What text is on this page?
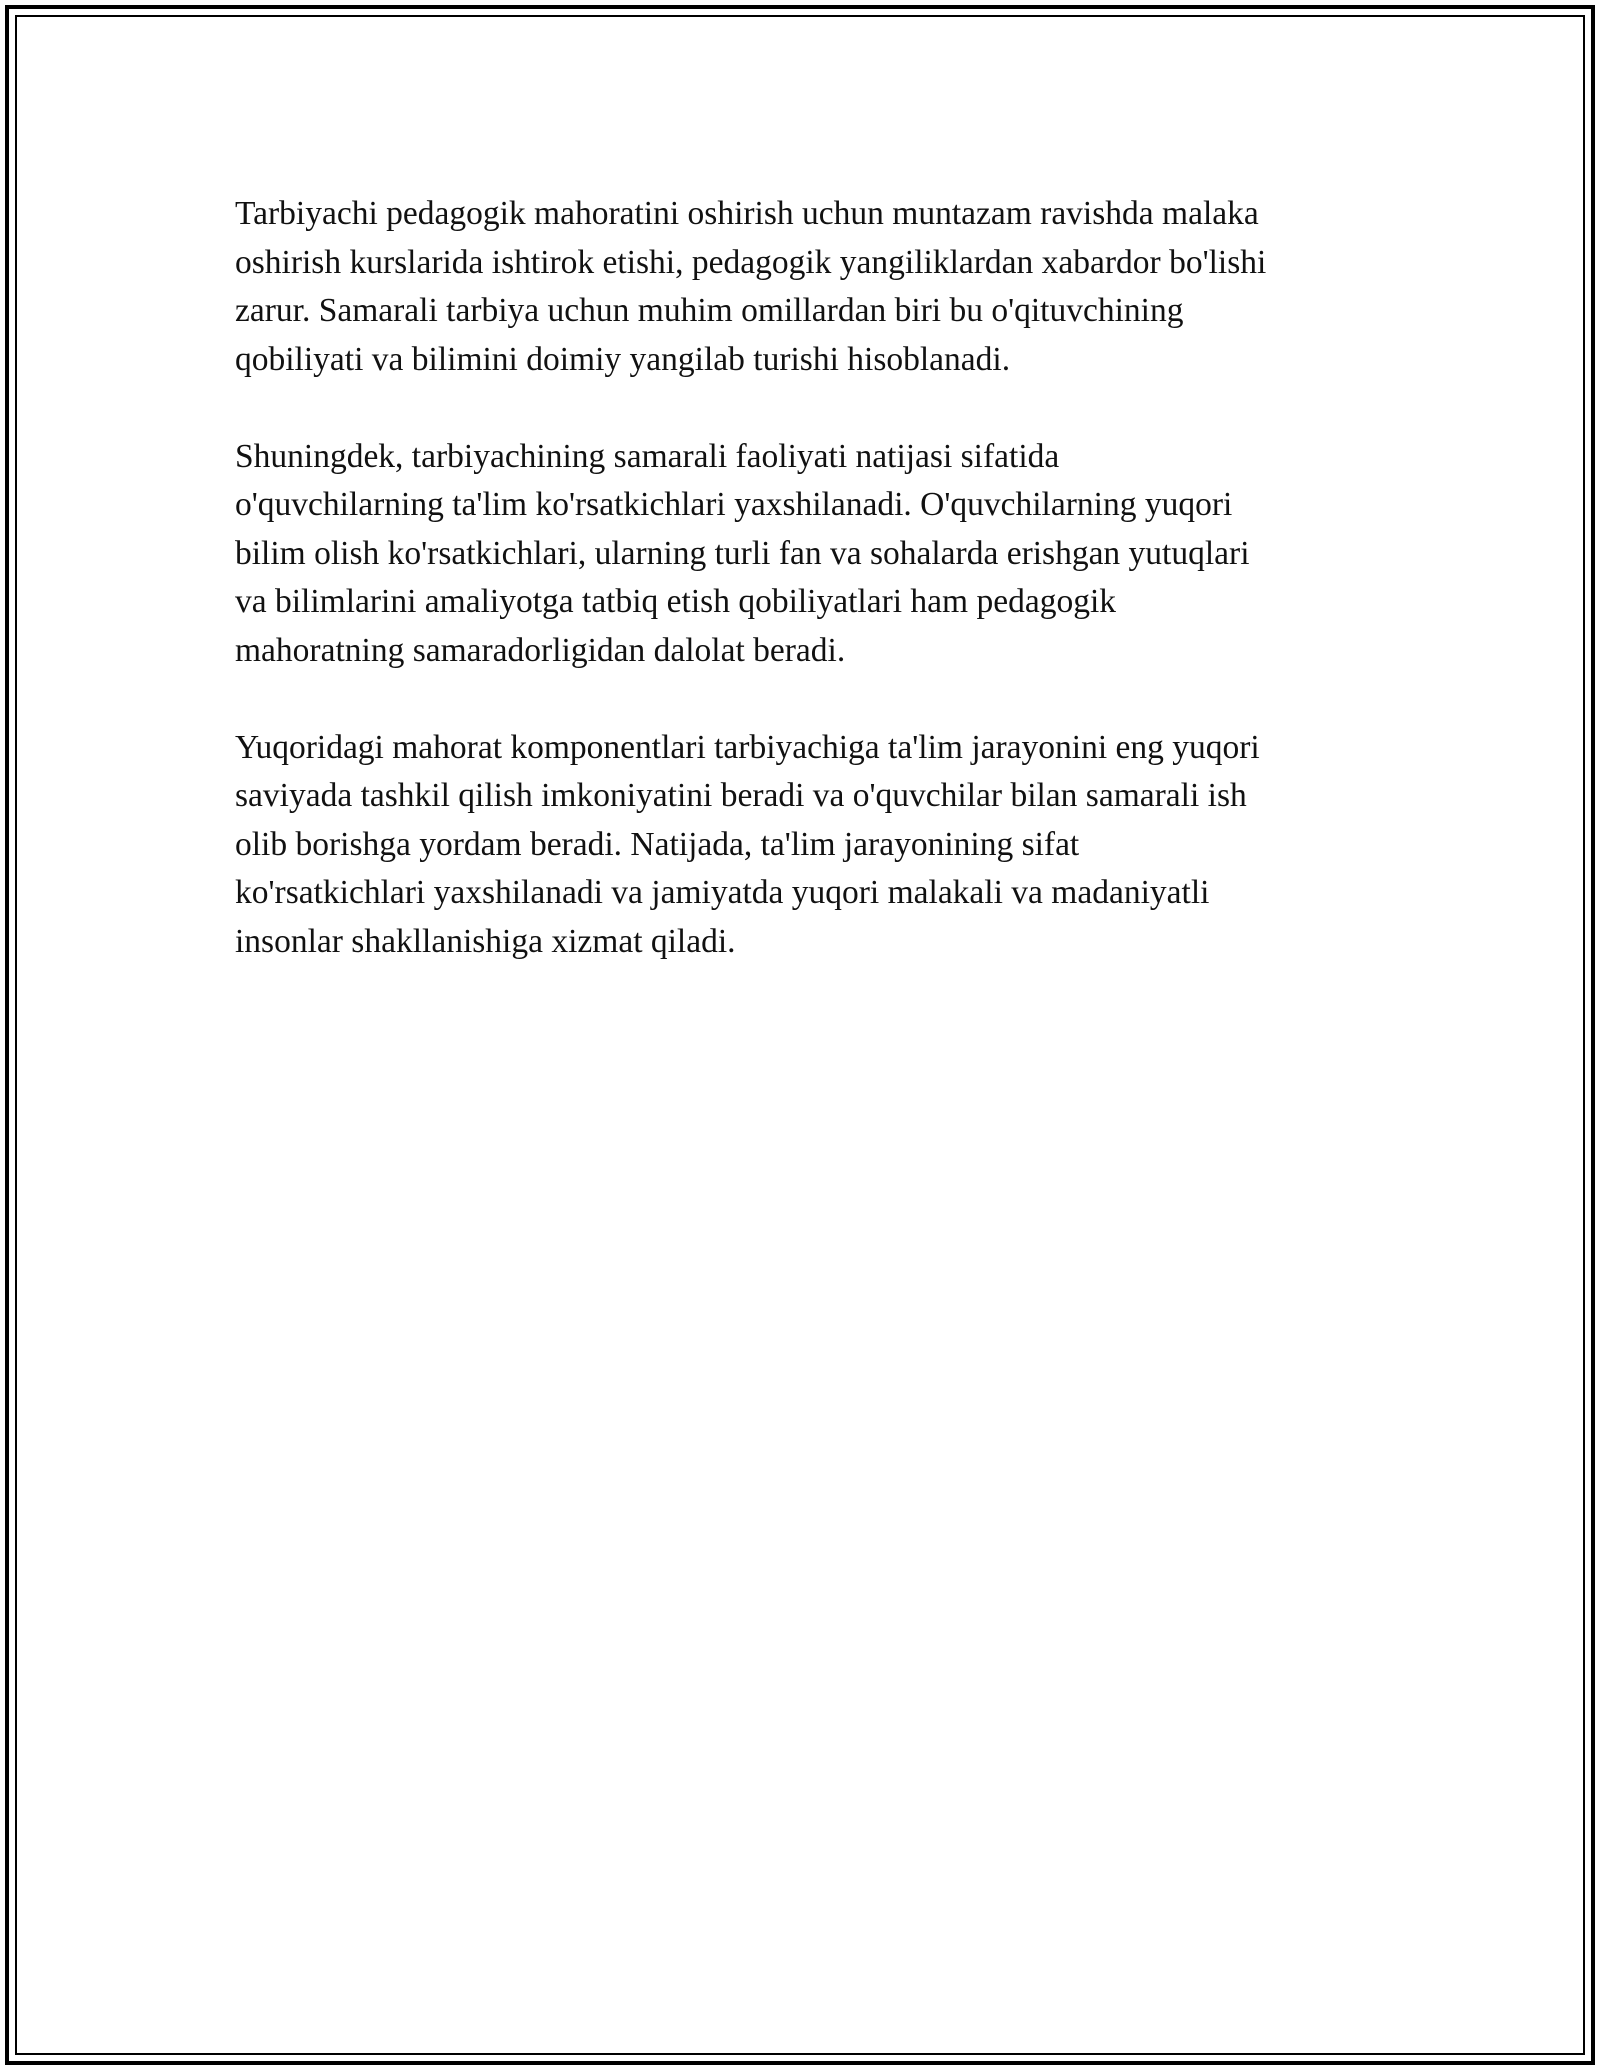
Tarbiyachi pedagogik mahoratini oshirish uchun muntazam ravishda malaka
oshirish kurslarida ishtirok etishi, pedagogik yangiliklardan xabardor bo'lishi
zarur. Samarali tarbiya uchun muhim omillardan biri bu o'qituvchining
qobiliyati va bilimini doimiy yangilab turishi hisoblanadi.
Shuningdek, tarbiyachining samarali faoliyati natijasi sifatida
o'quvchilarning ta'lim ko'rsatkichlari yaxshilanadi. O'quvchilarning yuqori
bilim olish ko'rsatkichlari, ularning turli fan va sohalarda erishgan yutuqlari
va bilimlarini amaliyotga tatbiq etish qobiliyatlari ham pedagogik
mahoratning samaradorligidan dalolat beradi.
Yuqoridagi mahorat komponentlari tarbiyachiga ta'lim jarayonini eng yuqori
saviyada tashkil qilish imkoniyatini beradi va o'quvchilar bilan samarali ish
olib borishga yordam beradi. Natijada, ta'lim jarayonining sifat
ko'rsatkichlari yaxshilanadi va jamiyatda yuqori malakali va madaniyatli
insonlar shakllanishiga xizmat qiladi.
